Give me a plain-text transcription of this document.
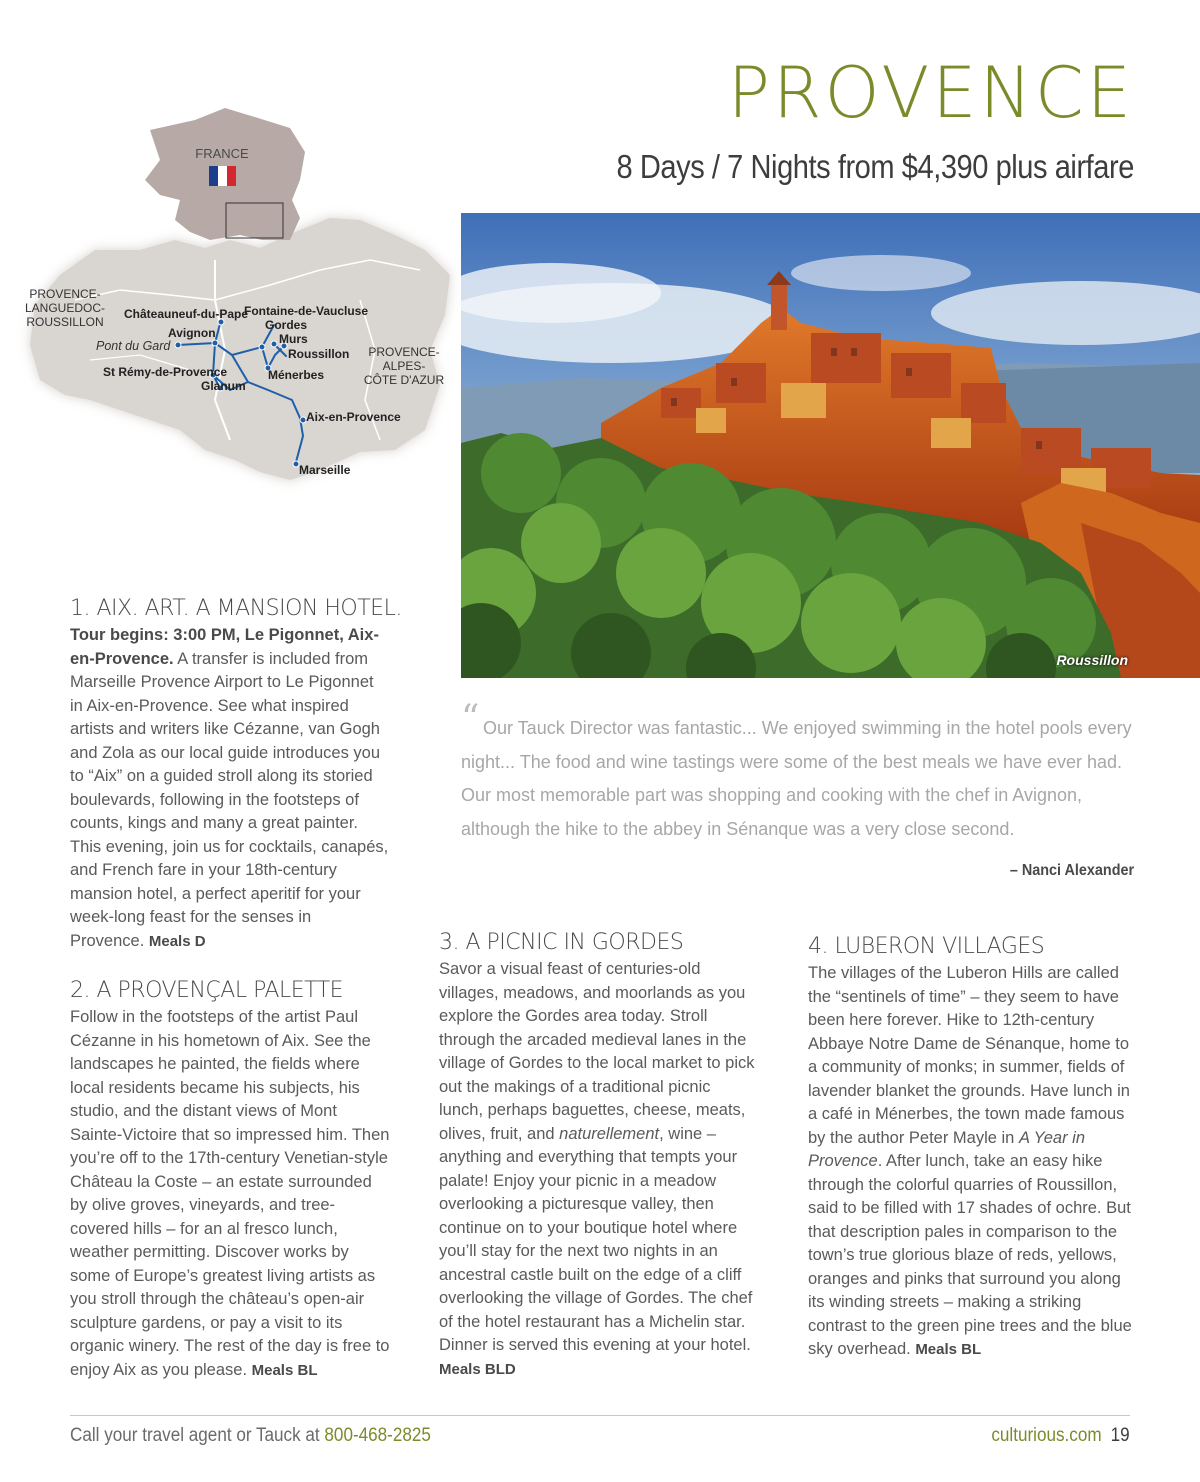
PROVENCE
8 Days / 7 Nights from $4,390 plus airfare
FRANCE
Châteauneuf-du-Pape
Fontaine-de-Vaucluse
Gordes
Avignon	Murs
Roussillon
St Rémy-de-Provence	Ménerbes
Glanum
Aix-en-Provence
Marseille
Pont du Gard
PROVENCE-
LANGUEDOC-
ROUSSILLON
PROVENCE-
ALPES-
CÔTE D'AZUR
Roussillon
“ Our Tauck Director was fantastic... We enjoyed swimming in the hotel pools every night... The food and wine tastings were some of the best meals we have ever had. Our most memorable part was shopping and cooking with the chef in Avignon, although the hike to the abbey in Sénanque was a very close second.

– Nanci Alexander
1. AIX. ART. A MANSION HOTEL.

Tour begins: 3:00 PM, Le Pigonnet, Aix-en-Provence. A transfer is included from Marseille Provence Airport to Le Pigonnet in Aix-en-Provence. See what inspired artists and writers like Cézanne, van Gogh and Zola as our local guide introduces you to “Aix” on a guided stroll along its storied boulevards, following in the footsteps of counts, kings and many a great painter. This evening, join us for cocktails, canapés, and French fare in your 18th-century mansion hotel, a perfect aperitif for your week-long feast for the senses in Provence. Meals D

2. A PROVENÇAL PALETTE

Follow in the footsteps of the artist Paul Cézanne in his hometown of Aix. See the landscapes he painted, the fields where local residents became his subjects, his studio, and the distant views of Mont Sainte-Victoire that so impressed him. Then you’re off to the 17th-century Venetian-style Château la Coste – an estate surrounded by olive groves, vineyards, and tree-covered hills – for an al fresco lunch, weather permitting. Discover works by some of Europe’s greatest living artists as you stroll through the château’s open-air sculpture gardens, or pay a visit to its organic winery. The rest of the day is free to enjoy Aix as you please. Meals BL

3. A PICNIC IN GORDES

Savor a visual feast of centuries-old villages, meadows, and moorlands as you explore the Gordes area today. Stroll through the arcaded medieval lanes in the village of Gordes to the local market to pick out the makings of a traditional picnic lunch, perhaps baguettes, cheese, meats, olives, fruit, and naturellement, wine – anything and everything that tempts your palate! Enjoy your picnic in a meadow overlooking a picturesque valley, then continue on to your boutique hotel where you’ll stay for the next two nights in an ancestral castle built on the edge of a cliff overlooking the village of Gordes. The chef of the hotel restaurant has a Michelin star. Dinner is served this evening at your hotel. Meals BLD

4. LUBERON VILLAGES

The villages of the Luberon Hills are called the “sentinels of time” – they seem to have been here forever. Hike to 12th-century Abbaye Notre Dame de Sénanque, home to a community of monks; in summer, fields of lavender blanket the grounds. Have lunch in a café in Ménerbes, the town made famous by the author Peter Mayle in A Year in Provence. After lunch, take an easy hike through the colorful quarries of Roussillon, said to be filled with 17 shades of ochre. But that description pales in comparison to the town’s true glorious blaze of reds, yellows, oranges and pinks that surround you along its winding streets – making a striking contrast to the green pine trees and the blue sky overhead. Meals BL

Call your travel agent or Tauck at 800-468-2825	culturious.com 19
